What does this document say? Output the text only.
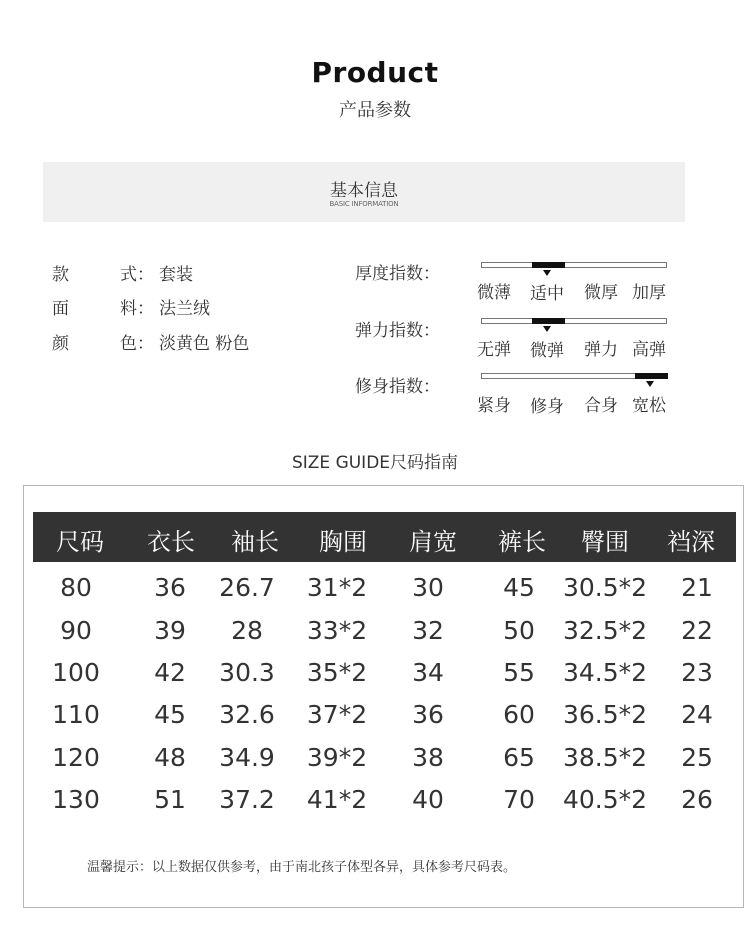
Product
产品参数
基本信息
BASIC INFORMATION
款	式： 套装
面	料： 法兰绒
颜	色： 淡黄色 粉色
厚度指数：
微薄 适中 微厚 加厚
弹力指数：
无弹 微弹 弹力 高弹
修身指数：
紧身 修身 合身 宽松
SIZE GUIDE尺码指南
尺码 衣长 袖长 胸围 肩宽 裤长 臀围 裆深
80 36 26.7 31*2 30 45 30.5*2 21
90 39 28 33*2 32 50 32.5*2 22
100 42 30.3 35*2 34 55 34.5*2 23
110 45 32.6 37*2 36 60 36.5*2 24
120 48 34.9 39*2 38 65 38.5*2 25
130 51 37.2 41*2 40 70 40.5*2 26
温馨提示：以上数据仅供参考，由于南北孩子体型各异，具体参考尺码表。
